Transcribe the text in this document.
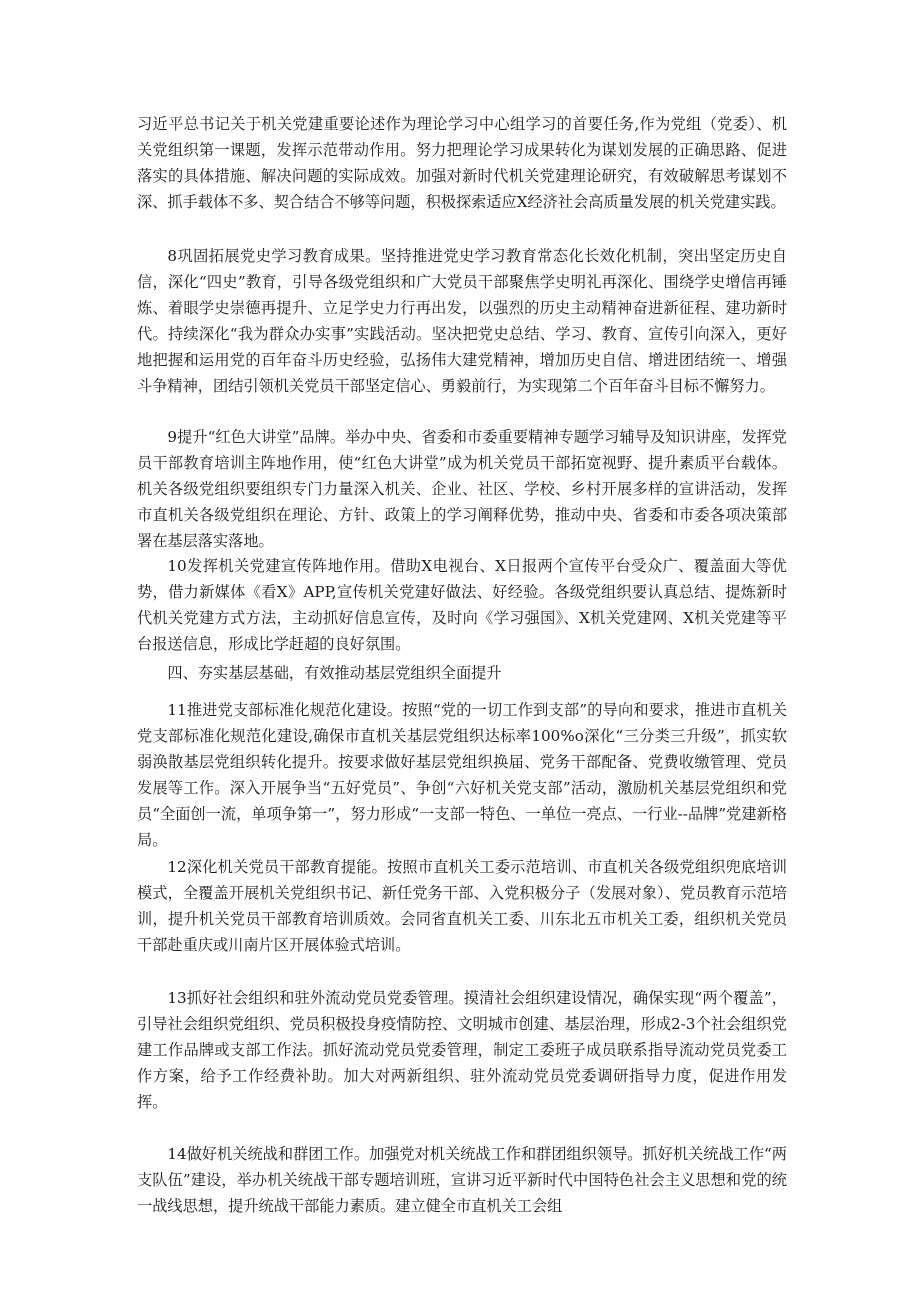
习近平总书记关于机关党建重要论述作为理论学习中心组学习的首要任务,作为党组（党委）、机关党组织第一课题，发挥示范带动作用。努力把理论学习成果转化为谋划发展的正确思路、促进落实的具体措施、解决问题的实际成效。加强对新时代机关党建理论研究，有效破解思考谋划不深、抓手载体不多、契合结合不够等问题，积极探索适应X经济社会高质量发展的机关党建实践。

8巩固拓展党史学习教育成果。坚持推进党史学习教育常态化长效化机制，突出坚定历史自信，深化“四史”教育，引导各级党组织和广大党员干部聚焦学史明礼再深化、围绕学史增信再锤炼、着眼学史崇德再提升、立足学史力行再出发，以强烈的历史主动精神奋进新征程、建功新时代。持续深化“我为群众办实事”实践活动。坚决把党史总结、学习、教育、宣传引向深入，更好地把握和运用党的百年奋斗历史经验，弘扬伟大建党精神，增加历史自信、增进团结统一、增强斗争精神，团结引领机关党员干部坚定信心、勇毅前行，为实现第二个百年奋斗目标不懈努力。

9提升“红色大讲堂”品牌。举办中央、省委和市委重要精神专题学习辅导及知识讲座，发挥党员干部教育培训主阵地作用，使“红色大讲堂”成为机关党员干部拓宽视野、提升素质平台载体。机关各级党组织要组织专门力量深入机关、企业、社区、学校、乡村开展多样的宣讲活动，发挥市直机关各级党组织在理论、方针、政策上的学习阐释优势，推动中央、省委和市委各项决策部署在基层落实落地。

10发挥机关党建宣传阵地作用。借助X电视台、X日报两个宣传平台受众广、覆盖面大等优势，借力新媒体《看X》APP,宣传机关党建好做法、好经验。各级党组织要认真总结、提炼新时代机关党建方式方法，主动抓好信息宣传，及时向《学习强国》、X机关党建网、X机关党建等平台报送信息，形成比学赶超的良好氛围。

四、夯实基层基础，有效推动基层党组织全面提升

11推进党支部标准化规范化建设。按照“党的一切工作到支部”的导向和要求，推进市直机关党支部标准化规范化建设,确保市直机关基层党组织达标率100%o深化“三分类三升级”，抓实软弱涣散基层党组织转化提升。按要求做好基层党组织换届、党务干部配备、党费收缴管理、党员发展等工作。深入开展争当“五好党员”、争创“六好机关党支部”活动，激励机关基层党组织和党员“全面创一流，单项争第一”，努力形成“一支部一特色、一单位一亮点、一行业--品牌”党建新格局。

12深化机关党员干部教育提能。按照市直机关工委示范培训、市直机关各级党组织兜底培训模式，全覆盖开展机关党组织书记、新任党务干部、入党积极分子（发展对象）、党员教育示范培训，提升机关党员干部教育培训质效。会同省直机关工委、川东北五市机关工委，组织机关党员干部赴重庆或川南片区开展体验式培训。

13抓好社会组织和驻外流动党员党委管理。摸清社会组织建设情况，确保实现“两个覆盖”，引导社会组织党组织、党员积极投身疫情防控、文明城市创建、基层治理，形成2-3个社会组织党建工作品牌或支部工作法。抓好流动党员党委管理，制定工委班子成员联系指导流动党员党委工作方案，给予工作经费补助。加大对两新组织、驻外流动党员党委调研指导力度，促进作用发挥。

14做好机关统战和群团工作。加强党对机关统战工作和群团组织领导。抓好机关统战工作“两支队伍”建设，举办机关统战干部专题培训班，宣讲习近平新时代中国特色社会主义思想和党的统一战线思想，提升统战干部能力素质。建立健全市直机关工会组
